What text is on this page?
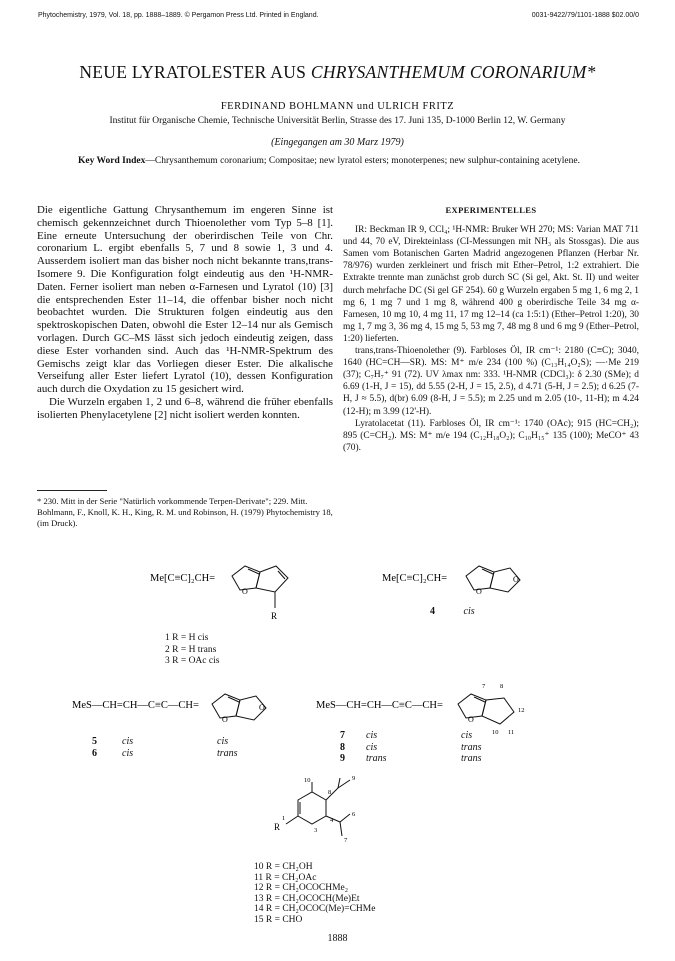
Phytochemistry, 1979, Vol. 18, pp. 1888–1889. © Pergamon Press Ltd. Printed in England.	0031-9422/79/1101-1888 $02.00/0
NEUE LYRATOLESTER AUS CHRYSANTHEMUM CORONARIUM*
FERDINAND BOHLMANN und ULRICH FRITZ
Institut für Organische Chemie, Technische Universität Berlin, Strasse des 17. Juni 135, D-1000 Berlin 12, W. Germany
(Eingegangen am 30 Marz 1979)
Key Word Index—Chrysanthemum coronarium; Compositae; new lyratol esters; monoterpenes; new sulphur-containing acetylene.

Die eigentliche Gattung Chrysanthemum im engeren Sinne ist chemisch gekennzeichnet durch Thioenolether vom Typ 5–8 [1]. Eine erneute Untersuchung der oberirdischen Teile von Chr. coronarium L. ergibt ebenfalls 5, 7 und 8 sowie 1, 3 und 4. Ausserdem isoliert man das bisher noch nicht bekannte trans,trans-Isomere 9. Die Konfiguration folgt eindeutig aus den ¹H-NMR-Daten. Ferner isoliert man neben α-Farnesen und Lyratol (10) [3] die entsprechenden Ester 11–14, die offenbar bisher noch nicht beobachtet wurden. Die Strukturen folgen eindeutig aus den spektroskopischen Daten, obwohl die Ester 12–14 nur als Gemisch vorlagen. Durch GC–MS lässt sich jedoch eindeutig zeigen, dass diese Ester vorhanden sind. Auch das ¹H-NMR-Spektrum des Gemischs zeigt klar das Vorliegen dieser Ester. Die alkalische Verseifung aller Ester liefert Lyratol (10), dessen Konfiguration auch durch die Oxydation zu 15 gesichert wird.

Die Wurzeln ergaben 1, 2 und 6–8, während die früher ebenfalls isolierten Phenylacetylene [2] nicht isoliert werden konnten.

* 230. Mitt in der Serie "Natürlich vorkommende Terpen-Derivate"; 229. Mitt. Bohlmann, F., Knoll, K. H., King, R. M. und Robinson, H. (1979) Phytochemistry 18, (im Druck).
EXPERIMENTELLES

IR: Beckman IR 9, CCl₄; ¹H-NMR: Bruker WH 270; MS: Varian MAT 711 und 44, 70 eV, Direkteinlass (CI-Messungen mit NH₃ als Stossgas). Die aus Samen vom Botanischen Garten Madrid angezogenen Pflanzen (Herbar Nr. 78/976) wurden zerkleinert und frisch mit Ether–Petrol, 1:2 extrahiert. Die Extrakte trennte man zunächst grob durch SC (Si gel, Akt. St. II) und weiter durch mehrfache DC (Si gel GF 254). 60 g Wurzeln ergaben 5 mg 1, 6 mg 2, 1 mg 6, 1 mg 7 und 1 mg 8, während 400 g oberirdische Teile 34 mg α-Farnesen, 10 mg 10, 4 mg 11, 17 mg 12–14 (ca 1:5:1) (Ether–Petrol 1:20), 30 mg 1, 7 mg 3, 36 mg 4, 15 mg 5, 53 mg 7, 48 mg 8 und 6 mg 9 (Ether–Petrol, 1:20) lieferten.

trans,trans-Thioenolether (9). Farbloses Öl, IR cm⁻¹: 2180 (C≡C); 3040, 1640 (HC=CH—SR). MS: M⁺ m/e 234 (100 %) (C₁₃H₁₄O₂S); —·Me 219 (37); C₇H₇⁺ 91 (72). UV λmax nm: 333. ¹H-NMR (CDCl₃): δ 2.30 (SMe); d 6.69 (1-H, J = 15), dd 5.55 (2-H, J = 15, 2.5), d 4.71 (5-H, J = 2.5); d 6.25 (7-H, J ≈ 5.5), d(br) 6.09 (8-H, J = 5.5); m 2.25 und m 2.05 (10-, 11-H); m 4.24 (12-H); m 3.99 (12'-H).

Lyratolacetat (11). Farbloses Öl, IR cm⁻¹: 1740 (OAc); 915 (HC=CH₂); 895 (C=CH₂). MS: M⁺ m/e 194 (C₁₂H₁₈O₂); C₁₀H₁₅⁺ 135 (100); MeCO⁺ 43 (70).

Me[C≡C]₂CH=
O
R
1 R = H cis
2 R = H trans
3 R = OAc cis
Me[C≡C]₂CH=
O
O
4	cis
MeS—CH=CH—C≡C—CH=
O
O
5	cis	cis
6	cis	trans
MeS—CH=CH—C≡C—CH=
O
7 8
10 11
12
7 cis	cis
8 cis	trans
9 trans	trans
10	9
8
1
R	3
4
6
7
10 R = CH₂OH
11 R = CH₂OAc
12 R = CH₂OCOCHMe₂
13 R = CH₂OCOCH(Me)Et
14 R = CH₂OCOC(Me)=CHMe
15 R = CHO
1888
